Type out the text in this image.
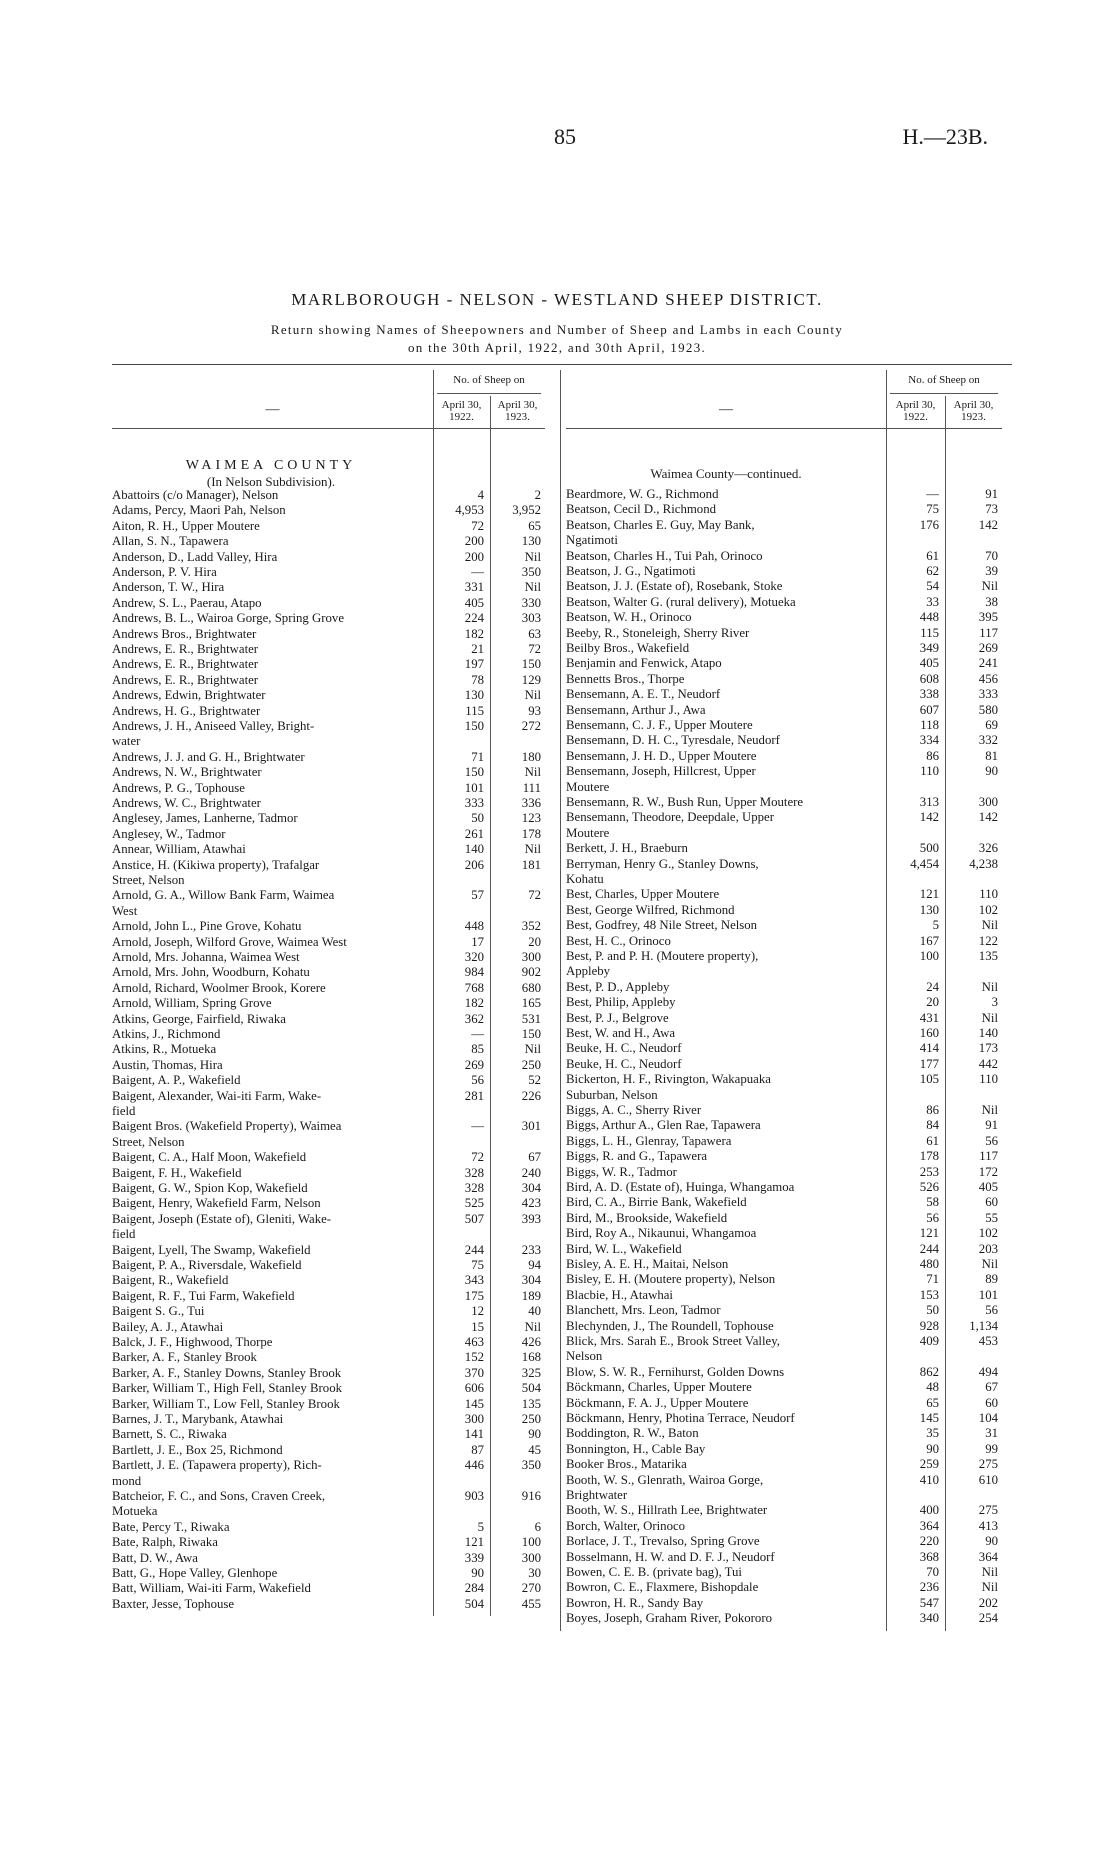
85	H.—23B.
MARLBOROUGH - NELSON - WESTLAND SHEEP DISTRICT.
Return showing Names of Sheepowners and Number of Sheep and Lambs in each County
on the 30th April, 1922, and 30th April, 1923.
—
No. of Sheep on
April 30, 1922.
April 30, 1923.
WAIMEA COUNTY
(In Nelson Subdivision).
Abattoirs (c/o Manager), Nelson	4	2
Adams, Percy, Maori Pah, Nelson	4,953	3,952
Aiton, R. H., Upper Moutere	72	65
Allan, S. N., Tapawera	200	130
Anderson, D., Ladd Valley, Hira	200	Nil
Anderson, P. V. Hira	—	350
Anderson, T. W., Hira	331	Nil
Andrew, S. L., Paerau, Atapo	405	330
Andrews, B. L., Wairoa Gorge, Spring Grove	224	303
Andrews Bros., Brightwater	182	63
Andrews, E. R., Brightwater	21	72
Andrews, E. R., Brightwater	197	150
Andrews, E. R., Brightwater	78	129
Andrews, Edwin, Brightwater	130	Nil
Andrews, H. G., Brightwater	115	93
Andrews, J. H., Aniseed Valley, Bright-
water
150	272
Andrews, J. J. and G. H., Brightwater	71	180
Andrews, N. W., Brightwater	150	Nil
Andrews, P. G., Tophouse	101	111
Andrews, W. C., Brightwater	333	336
Anglesey, James, Lanherne, Tadmor	50	123
Anglesey, W., Tadmor	261	178
Annear, William, Atawhai	140	Nil
Anstice, H. (Kikiwa property), Trafalgar
Street, Nelson
206	181
Arnold, G. A., Willow Bank Farm, Waimea
West
57	72
Arnold, John L., Pine Grove, Kohatu	448	352
Arnold, Joseph, Wilford Grove, Waimea West	17	20
Arnold, Mrs. Johanna, Waimea West	320	300
Arnold, Mrs. John, Woodburn, Kohatu	984	902
Arnold, Richard, Woolmer Brook, Korere	768	680
Arnold, William, Spring Grove	182	165
Atkins, George, Fairfield, Riwaka	362	531
Atkins, J., Richmond	—	150
Atkins, R., Motueka	85	Nil
Austin, Thomas, Hira	269	250
Baigent, A. P., Wakefield	56	52
Baigent, Alexander, Wai-iti Farm, Wake-
field
281	226
Baigent Bros. (Wakefield Property), Waimea
Street, Nelson
—	301
Baigent, C. A., Half Moon, Wakefield	72	67
Baigent, F. H., Wakefield	328	240
Baigent, G. W., Spion Kop, Wakefield	328	304
Baigent, Henry, Wakefield Farm, Nelson	525	423
Baigent, Joseph (Estate of), Gleniti, Wake-
field
507	393
Baigent, Lyell, The Swamp, Wakefield	244	233
Baigent, P. A., Riversdale, Wakefield	75	94
Baigent, R., Wakefield	343	304
Baigent, R. F., Tui Farm, Wakefield	175	189
Baigent S. G., Tui	12	40
Bailey, A. J., Atawhai	15	Nil
Balck, J. F., Highwood, Thorpe	463	426
Barker, A. F., Stanley Brook	152	168
Barker, A. F., Stanley Downs, Stanley Brook	370	325
Barker, William T., High Fell, Stanley Brook	606	504
Barker, William T., Low Fell, Stanley Brook	145	135
Barnes, J. T., Marybank, Atawhai	300	250
Barnett, S. C., Riwaka	141	90
Bartlett, J. E., Box 25, Richmond	87	45
Bartlett, J. E. (Tapawera property), Rich-
mond
446	350
Batcheior, F. C., and Sons, Craven Creek,
Motueka
903	916
Bate, Percy T., Riwaka	5	6
Bate, Ralph, Riwaka	121	100
Batt, D. W., Awa	339	300
Batt, G., Hope Valley, Glenhope	90	30
Batt, William, Wai-iti Farm, Wakefield	284	270
Baxter, Jesse, Tophouse	504	455
—
No. of Sheep on
April 30, 1922.
April 30, 1923.
Waimea County—continued.
Beardmore, W. G., Richmond	—	91
Beatson, Cecil D., Richmond	75	73
Beatson, Charles E. Guy, May Bank,
Ngatimoti
176	142
Beatson, Charles H., Tui Pah, Orinoco	61	70
Beatson, J. G., Ngatimoti	62	39
Beatson, J. J. (Estate of), Rosebank, Stoke	54	Nil
Beatson, Walter G. (rural delivery), Motueka	33	38
Beatson, W. H., Orinoco	448	395
Beeby, R., Stoneleigh, Sherry River	115	117
Beilby Bros., Wakefield	349	269
Benjamin and Fenwick, Atapo	405	241
Bennetts Bros., Thorpe	608	456
Bensemann, A. E. T., Neudorf	338	333
Bensemann, Arthur J., Awa	607	580
Bensemann, C. J. F., Upper Moutere	118	69
Bensemann, D. H. C., Tyresdale, Neudorf	334	332
Bensemann, J. H. D., Upper Moutere	86	81
Bensemann, Joseph, Hillcrest, Upper
Moutere
110	90
Bensemann, R. W., Bush Run, Upper Moutere	313	300
Bensemann, Theodore, Deepdale, Upper
Moutere
142	142
Berkett, J. H., Braeburn	500	326
Berryman, Henry G., Stanley Downs,
Kohatu
4,454	4,238
Best, Charles, Upper Moutere	121	110
Best, George Wilfred, Richmond	130	102
Best, Godfrey, 48 Nile Street, Nelson	5	Nil
Best, H. C., Orinoco	167	122
Best, P. and P. H. (Moutere property),
Appleby
100	135
Best, P. D., Appleby	24	Nil
Best, Philip, Appleby	20	3
Best, P. J., Belgrove	431	Nil
Best, W. and H., Awa	160	140
Beuke, H. C., Neudorf	414	173
Beuke, H. C., Neudorf	177	442
Bickerton, H. F., Rivington, Wakapuaka
Suburban, Nelson
105	110
Biggs, A. C., Sherry River	86	Nil
Biggs, Arthur A., Glen Rae, Tapawera	84	91
Biggs, L. H., Glenray, Tapawera	61	56
Biggs, R. and G., Tapawera	178	117
Biggs, W. R., Tadmor	253	172
Bird, A. D. (Estate of), Huinga, Whangamoa	526	405
Bird, C. A., Birrie Bank, Wakefield	58	60
Bird, M., Brookside, Wakefield	56	55
Bird, Roy A., Nikaunui, Whangamoa	121	102
Bird, W. L., Wakefield	244	203
Bisley, A. E. H., Maitai, Nelson	480	Nil
Bisley, E. H. (Moutere property), Nelson	71	89
Blacbie, H., Atawhai	153	101
Blanchett, Mrs. Leon, Tadmor	50	56
Blechynden, J., The Roundell, Tophouse	928	1,134
Blick, Mrs. Sarah E., Brook Street Valley,
Nelson
409	453
Blow, S. W. R., Fernihurst, Golden Downs	862	494
Böckmann, Charles, Upper Moutere	48	67
Böckmann, F. A. J., Upper Moutere	65	60
Böckmann, Henry, Photina Terrace, Neudorf	145	104
Boddington, R. W., Baton	35	31
Bonnington, H., Cable Bay	90	99
Booker Bros., Matarika	259	275
Booth, W. S., Glenrath, Wairoa Gorge,
Brightwater
410	610
Booth, W. S., Hillrath Lee, Brightwater	400	275
Borch, Walter, Orinoco	364	413
Borlace, J. T., Trevalso, Spring Grove	220	90
Bosselmann, H. W. and D. F. J., Neudorf	368	364
Bowen, C. E. B. (private bag), Tui	70	Nil
Bowron, C. E., Flaxmere, Bishopdale	236	Nil
Bowron, H. R., Sandy Bay	547	202
Boyes, Joseph, Graham River, Pokororo	340	254
